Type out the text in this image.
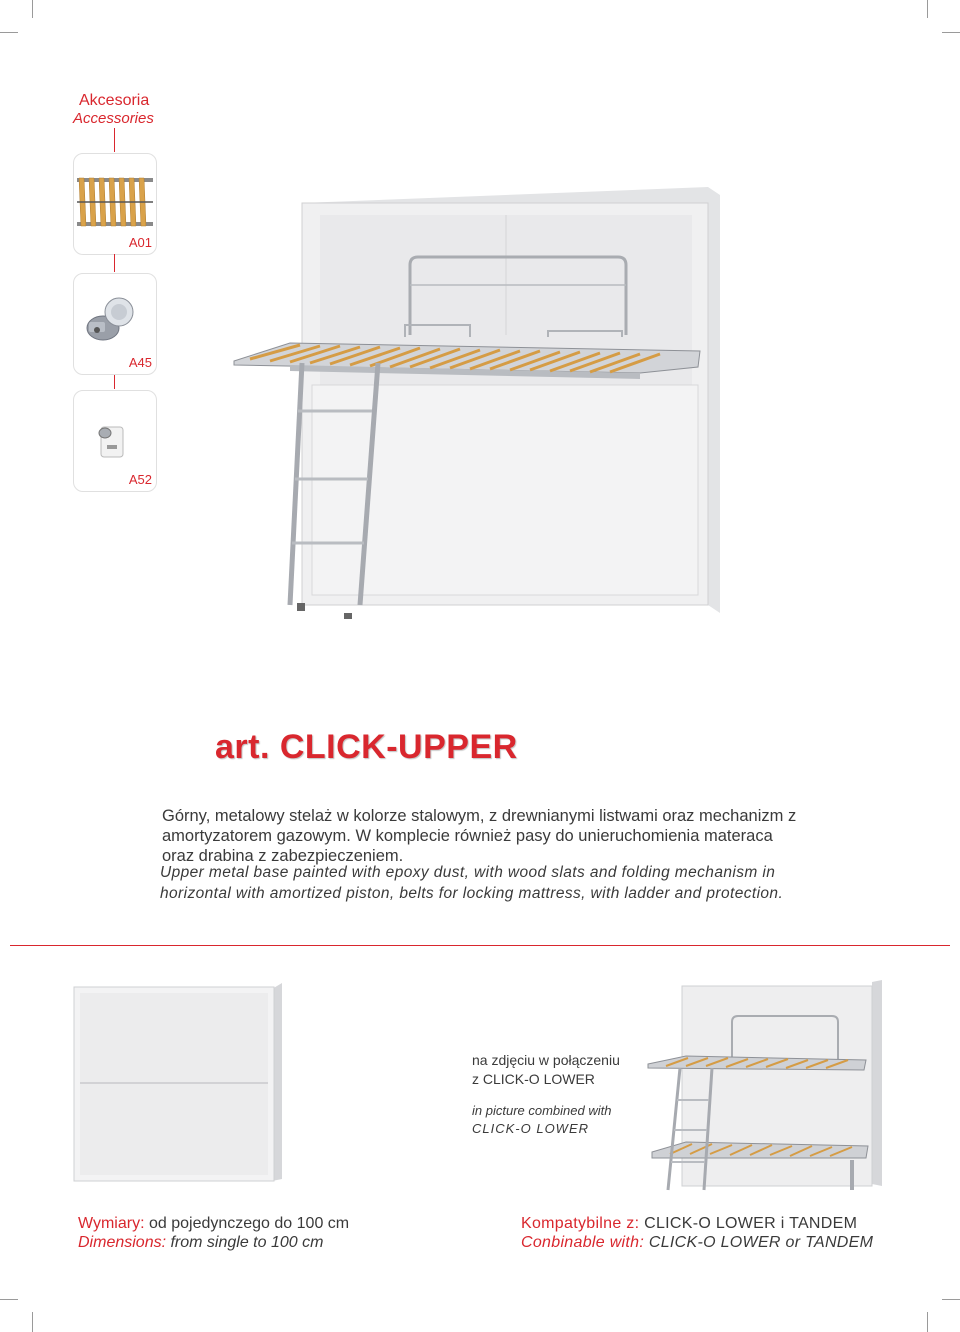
Akcesoria
Accessories
A01
A45
A52
art. CLICK-UPPER
Górny, metalowy stelaż w kolorze stalowym, z drewnianymi listwami oraz mechanizm z amortyzatorem gazowym. W komplecie również pasy do unieruchomienia materaca oraz drabina z zabezpieczeniem.
Upper metal base painted with epoxy dust, with wood slats and folding mechanism in horizontal with amortized piston, belts for locking mattress, with ladder and protection.
na zdjęciu w połączeniu
z CLICK-O LOWER
in picture combined with
CLICK-O LOWER
Wymiary: od pojedynczego do 100 cm
Dimensions: from single to 100 cm
Kompatybilne z: CLICK-O LOWER i TANDEM
Conbinable with: CLICK-O LOWER or TANDEM
